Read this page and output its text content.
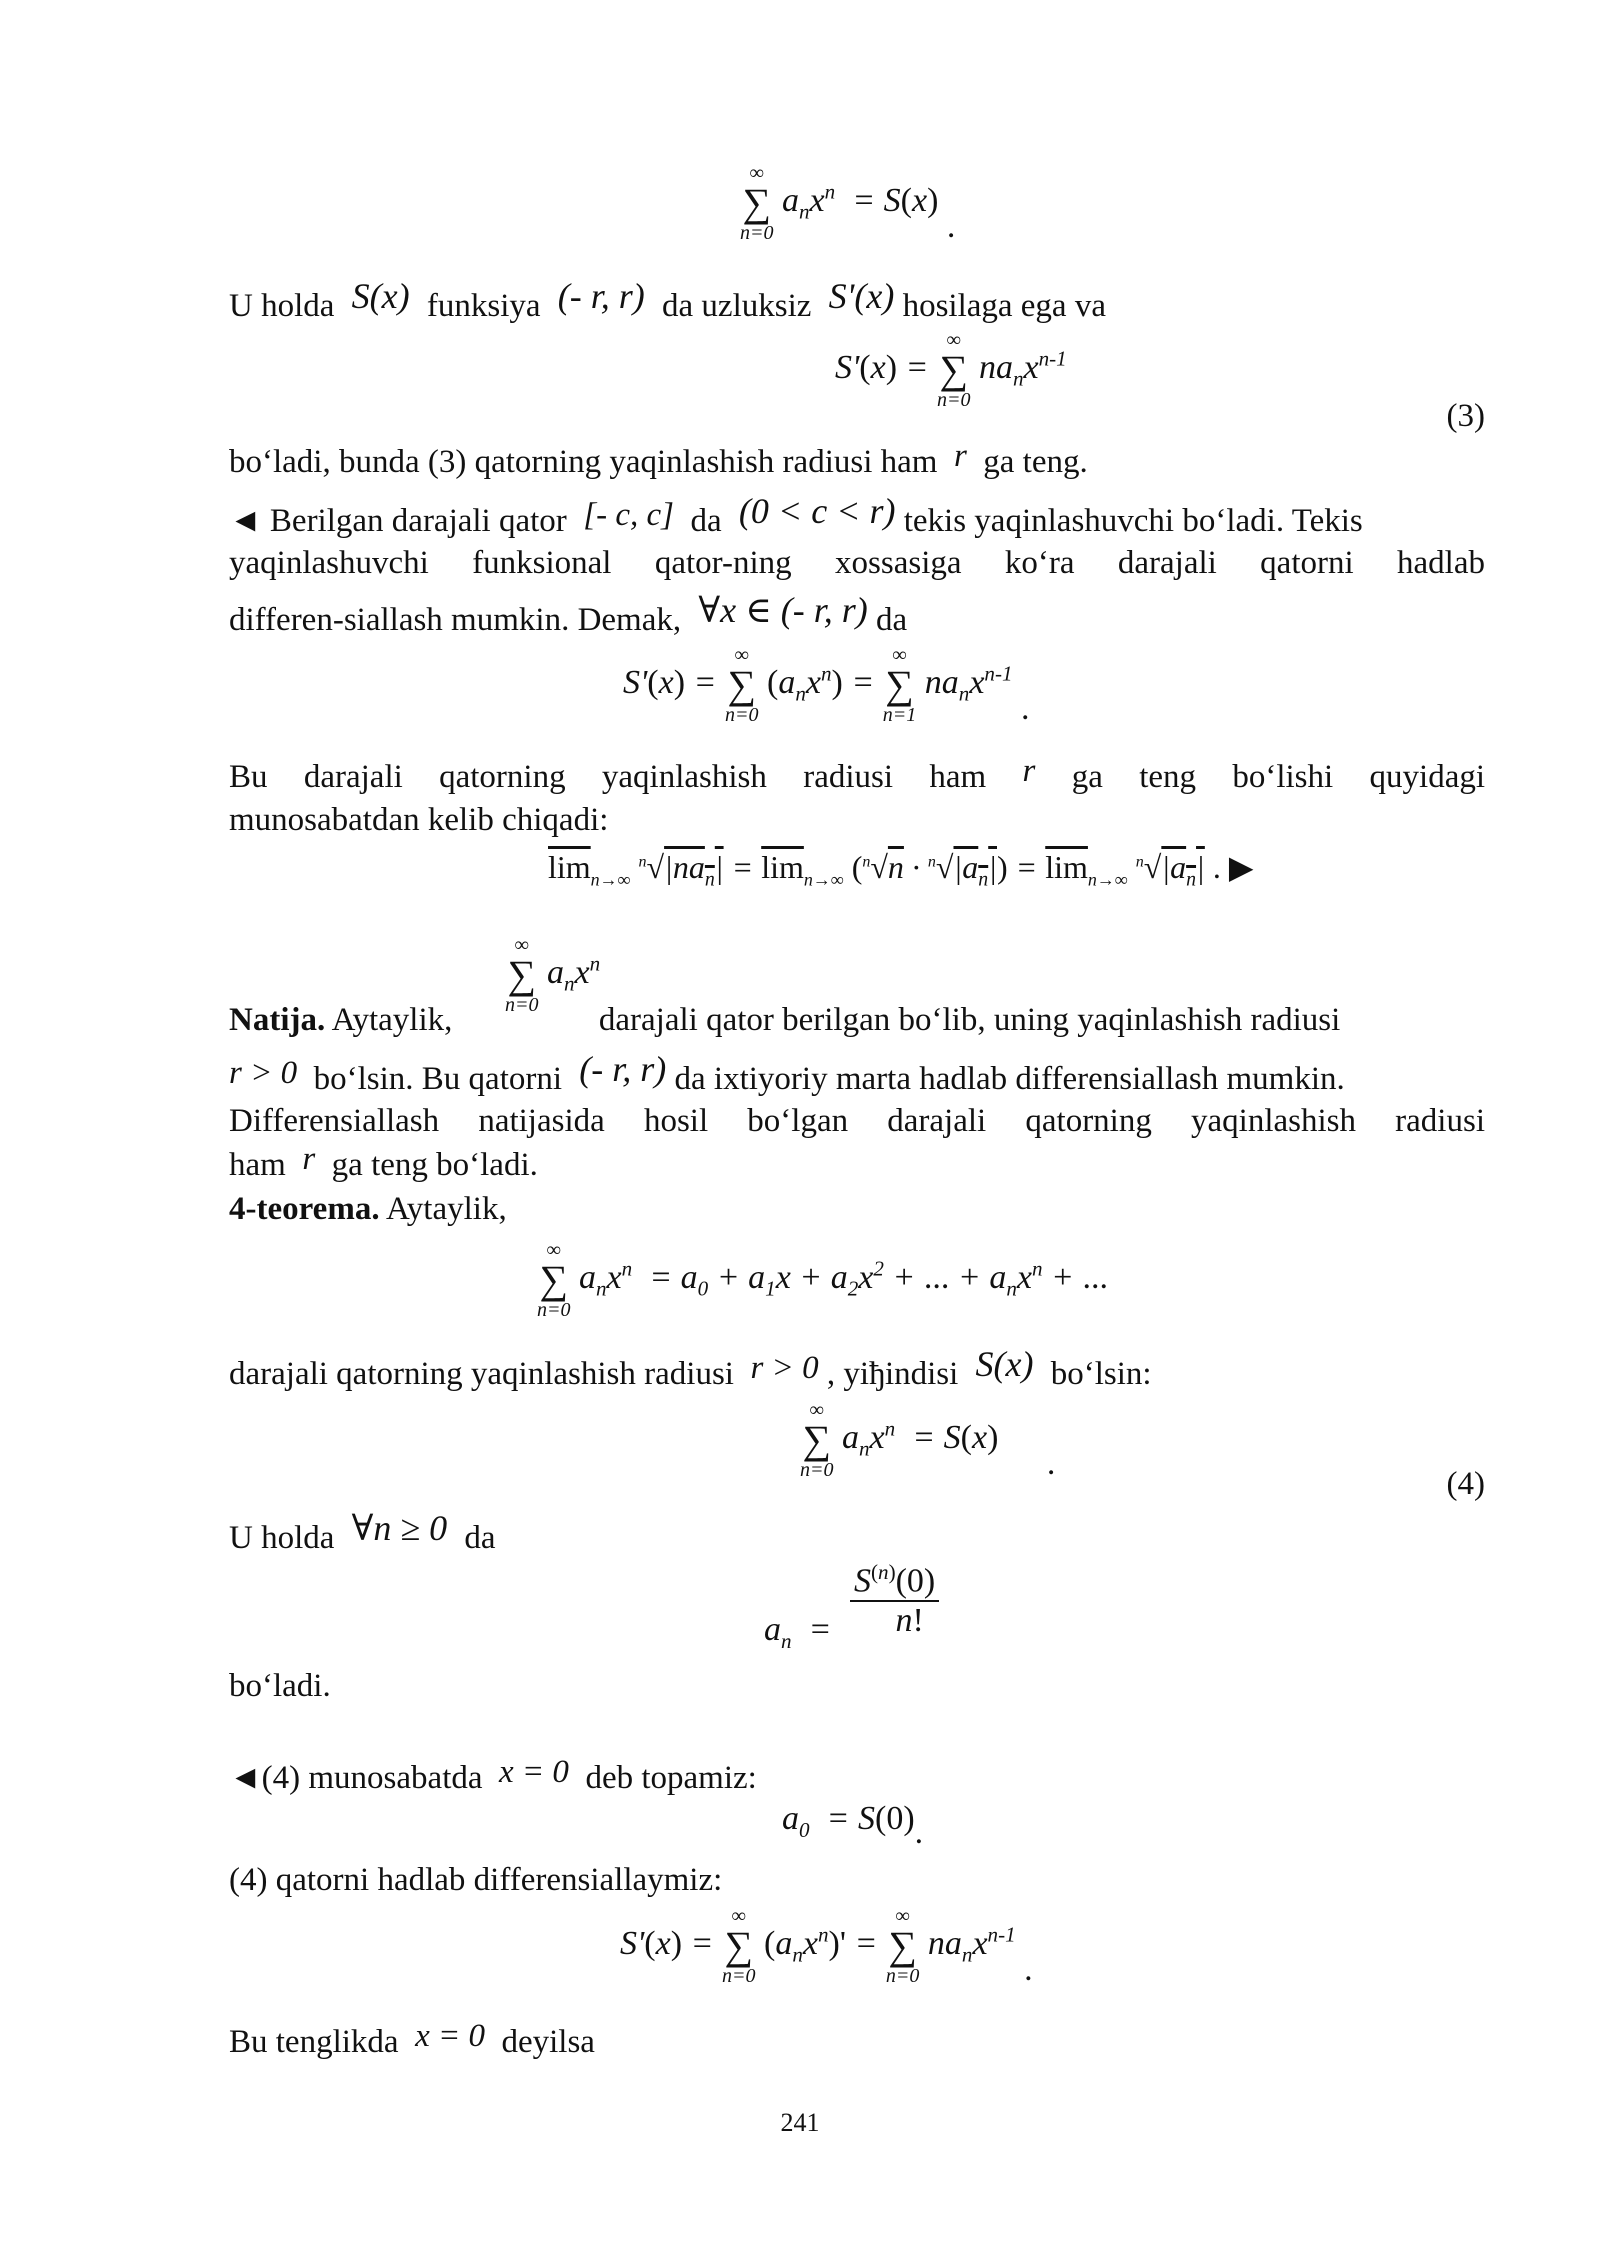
∞
∑
n=0
$a_nx^n = S(x)$ .
U holda  S(x)  funksiya  (- r, r)  da uzluksiz  S'(x) hosilaga ega va
S'(x) =
∞
∑
n=0
$na_nx^{n-1}$
(3)
bo‘ladi, bunda (3) qatorning yaqinlashish radiusi ham  r  ga teng.
◄ Berilgan darajali qator  [- c, c]  da  (0 < c < r) tekis yaqinlashuvchi bo‘ladi. Tekis
yaqinlashuvchi funksional qator-ning xossasiga ko‘ra darajali qatorni hadlab
differen-siallash mumkin. Demak,  ∀x ∈ (- r, r) da
S'(x) =
∞
∑
n=0
$(a_nx^n)$ =
∞
∑
n=1
$na_nx^{n-1}$ .
Bu darajali qatorning yaqinlashish radiusi ham r ga teng bo‘lishi quyidagi
munosabatdan kelib chiqadi:
$\overline{lim}_{n\to\infty}$ $^n√|na_n| = \overline{lim}_{n\to\infty}$ $(^n√n \cdot ^n√|a_n|) = \overline{lim}_{n\to\infty}$ $^n√|a_n|$ . ▶
∞
∑
n=0
$a_nx^n$
Natija. Aytaylik,	darajali qator berilgan bo‘lib, uning yaqinlashish radiusi
r > 0  bo‘lsin. Bu qatorni  (- r, r) da ixtiyoriy marta hadlab differensiallash mumkin.
Differensiallash natijasida hosil bo‘lgan darajali qatorning yaqinlashish radiusi
ham  r  ga teng bo‘ladi.
4-teorema. Aytaylik,
∞
∑
n=0
$a_nx^n = a_0 + a_1x + a_2x^2$ + ... + $a_nx^n$ + ...
darajali qatorning yaqinlashish radiusi  r > 0 , yiђindisi  S(x)  bo‘lsin:
∞
∑
n=0
$a_nx^n = S(x)$ .
(4)
U holda  ∀n ≥ 0  da
$a_n = \frac{S^{(n)}(0)}{n!}$
bo‘ladi.
◄(4) munosabatda  x = 0  deb topamiz:
$a_0 = S(0)$.
(4) qatorni hadlab differensiallaymiz:
S'(x) =
∞
∑
n=0
$(a_nx^n)'$ =
∞
∑
n=0
$na_nx^{n-1}$ .
Bu tenglikda  x = 0  deyilsa
241
